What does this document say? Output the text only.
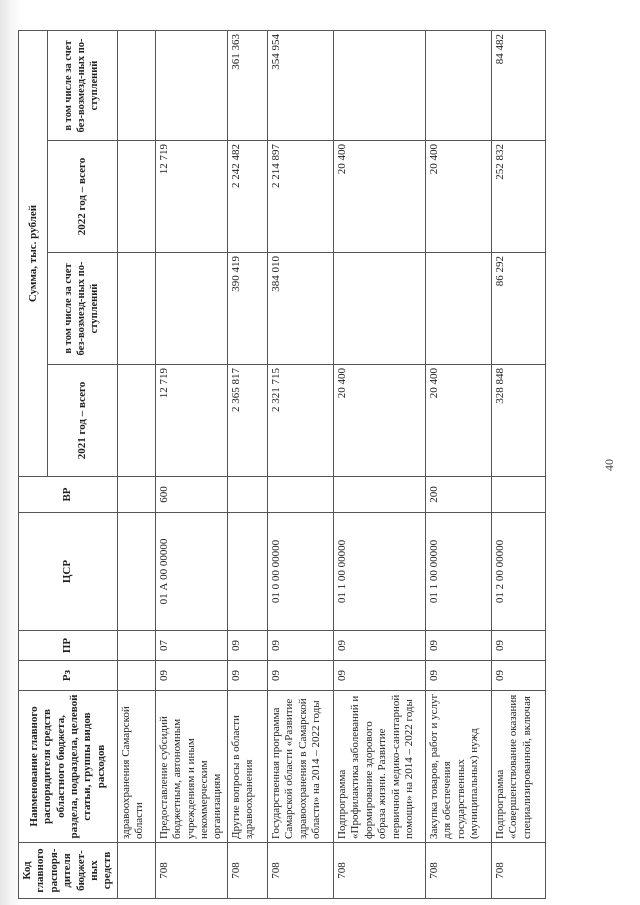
40
Код главного распоря-дителя бюджет-ных средств	Наименование главного распорядителя средств областного бюджета, раздела, подраздела, целевой статьи, группы видов расходов	Рз	ПР	ЦСР	ВР	Сумма, тыс. рублей			
						2021 год – всего	в том числе за счет без-возмезд-ных по-ступлений	2022 год – всего	в том числе за счет без-возмезд-ных по-ступлений
	здравоохранения Самарской области								
708	Предоставление субсидий бюджетным, автономным учреждениям и иным некоммерческим организациям	09	07	01 А 00 00000	600	12 719		12 719	
708	Другие вопросы в области здравоохранения	09	09			2 365 817	390 419	2 242 482	361 363
708	Государственная программа Самарской области «Развитие здравоохранения в Самарской области» на 2014 – 2022 годы	09	09	01 0 00 00000		2 321 715	384 010	2 214 897	354 954
708	Подпрограмма «Профилактика заболеваний и формирование здорового образа жизни. Развитие первичной медико-санитарной помощи» на 2014 – 2022 годы	09	09	01 1 00 00000		20 400		20 400	
708	Закупка товаров, работ и услуг для обеспечения государственных (муниципальных) нужд	09	09	01 1 00 00000	200	20 400		20 400	
708	Подпрограмма «Совершенствование оказания специализированной, включая	09	09	01 2 00 00000		328 848	86 292	252 832	84 482
